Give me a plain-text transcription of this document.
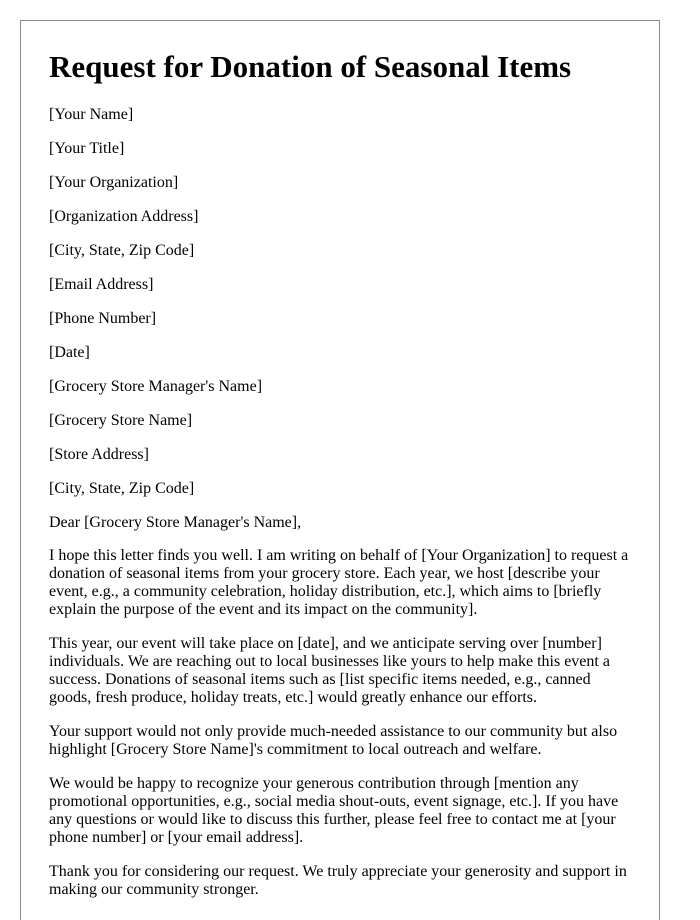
Request for Donation of Seasonal Items

[Your Name]

[Your Title]

[Your Organization]

[Organization Address]

[City, State, Zip Code]

[Email Address]

[Phone Number]

[Date]

[Grocery Store Manager's Name]

[Grocery Store Name]

[Store Address]

[City, State, Zip Code]

Dear [Grocery Store Manager's Name],

I hope this letter finds you well. I am writing on behalf of [Your Organization] to request a donation of seasonal items from your grocery store. Each year, we host [describe your event, e.g., a community celebration, holiday distribution, etc.], which aims to [briefly explain the purpose of the event and its impact on the community].

This year, our event will take place on [date], and we anticipate serving over [number] individuals. We are reaching out to local businesses like yours to help make this event a success. Donations of seasonal items such as [list specific items needed, e.g., canned goods, fresh produce, holiday treats, etc.] would greatly enhance our efforts.

Your support would not only provide much-needed assistance to our community but also highlight [Grocery Store Name]'s commitment to local outreach and welfare.

We would be happy to recognize your generous contribution through [mention any promotional opportunities, e.g., social media shout-outs, event signage, etc.]. If you have any questions or would like to discuss this further, please feel free to contact me at [your phone number] or [your email address].

Thank you for considering our request. We truly appreciate your generosity and support in making our community stronger.
